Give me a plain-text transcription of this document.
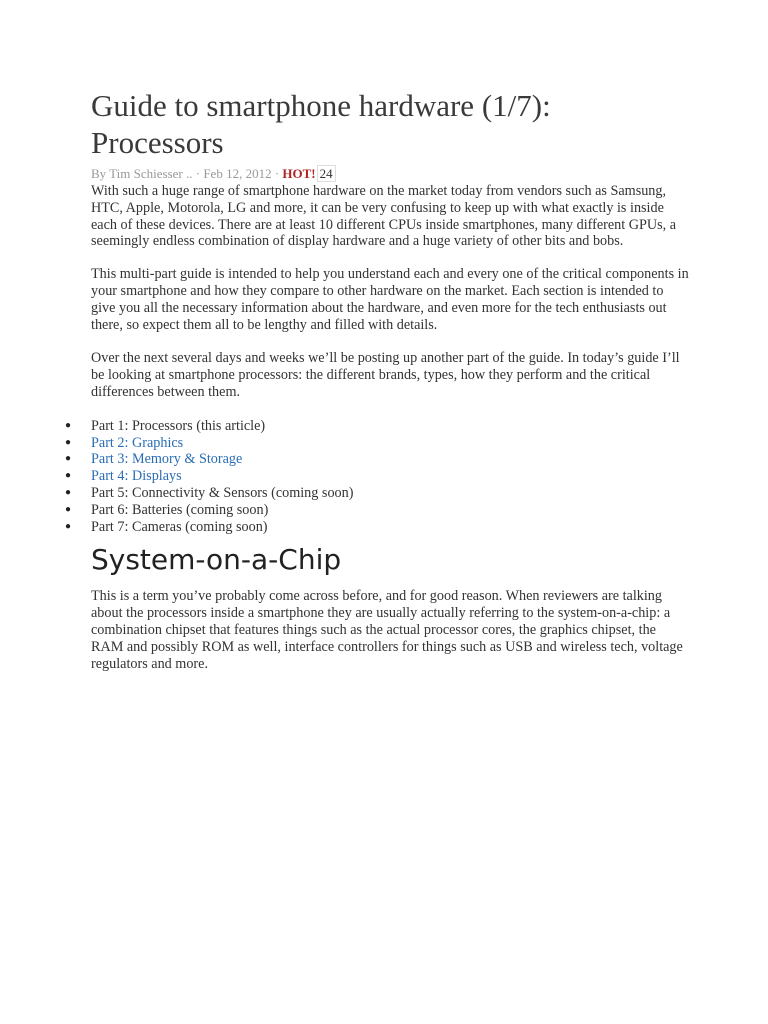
Guide to smartphone hardware (1/7): Processors
By Tim Schiesser .. · Feb 12, 2012 · HOT! 24

With such a huge range of smartphone hardware on the market today from vendors such as Samsung, HTC, Apple, Motorola, LG and more, it can be very confusing to keep up with what exactly is inside each of these devices. There are at least 10 different CPUs inside smartphones, many different GPUs, a seemingly endless combination of display hardware and a huge variety of other bits and bobs.

This multi-part guide is intended to help you understand each and every one of the critical components in your smartphone and how they compare to other hardware on the market. Each section is intended to give you all the necessary information about the hardware, and even more for the tech enthusiasts out there, so expect them all to be lengthy and filled with details.

Over the next several days and weeks we’ll be posting up another part of the guide. In today’s guide I’ll be looking at smartphone processors: the different brands, types, how they perform and the critical differences between them.

● Part 1: Processors (this article)
● Part 2: Graphics
● Part 3: Memory & Storage
● Part 4: Displays
● Part 5: Connectivity & Sensors (coming soon)
● Part 6: Batteries (coming soon)
● Part 7: Cameras (coming soon)
System-on-a-Chip

This is a term you’ve probably come across before, and for good reason. When reviewers are talking about the processors inside a smartphone they are usually actually referring to the system-on-a-chip: a combination chipset that features things such as the actual processor cores, the graphics chipset, the RAM and possibly ROM as well, interface controllers for things such as USB and wireless tech, voltage regulators and more.
